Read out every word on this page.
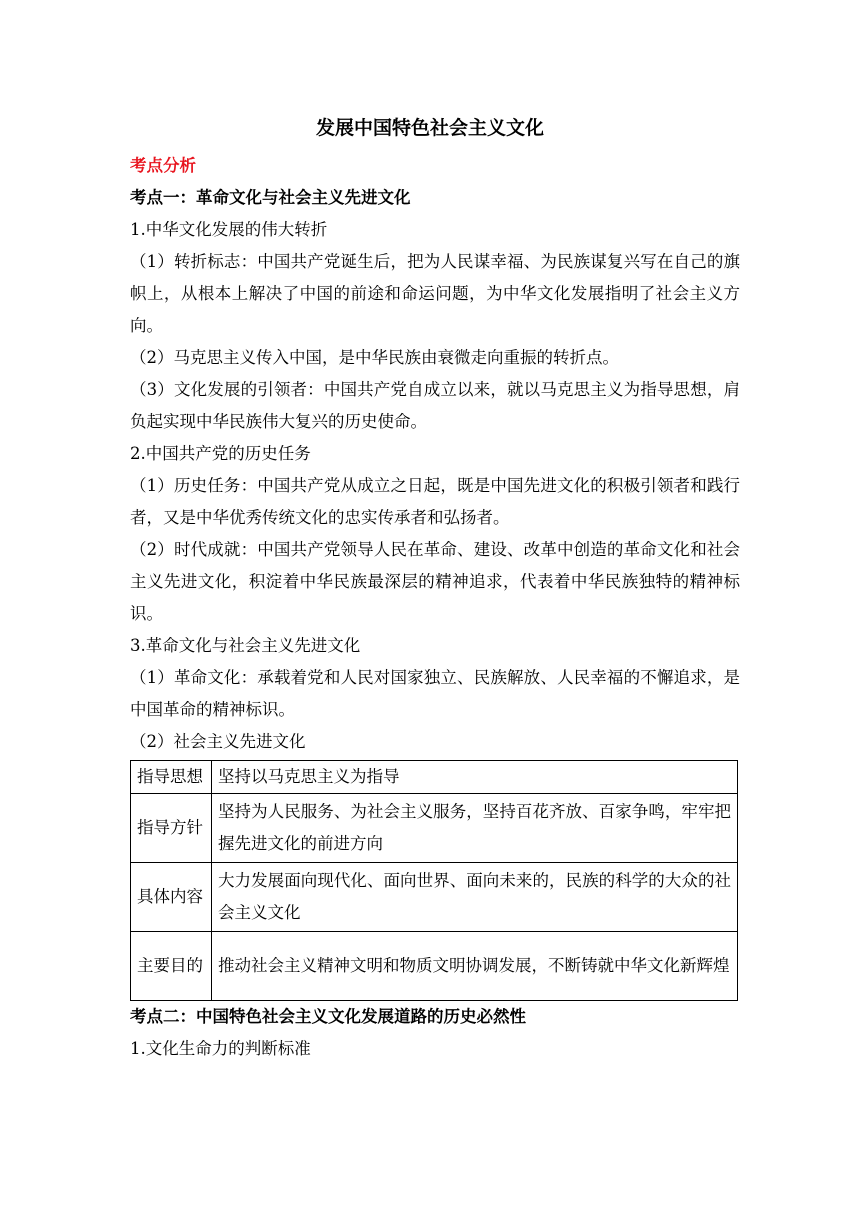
发展中国特色社会主义文化
考点分析
考点一：革命文化与社会主义先进文化
1.中华文化发展的伟大转折
（1）转折标志：中国共产党诞生后，把为人民谋幸福、为民族谋复兴写在自己的旗帜上，从根本上解决了中国的前途和命运问题，为中华文化发展指明了社会主义方向。
（2）马克思主义传入中国，是中华民族由衰微走向重振的转折点。
（3）文化发展的引领者：中国共产党自成立以来，就以马克思主义为指导思想，肩负起实现中华民族伟大复兴的历史使命。
2.中国共产党的历史任务
（1）历史任务：中国共产党从成立之日起，既是中国先进文化的积极引领者和践行者，又是中华优秀传统文化的忠实传承者和弘扬者。
（2）时代成就：中国共产党领导人民在革命、建设、改革中创造的革命文化和社会主义先进文化，积淀着中华民族最深层的精神追求，代表着中华民族独特的精神标识。
3.革命文化与社会主义先进文化
（1）革命文化：承载着党和人民对国家独立、民族解放、人民幸福的不懈追求，是中国革命的精神标识。
（2）社会主义先进文化
指导思想	坚持以马克思主义为指导
指导方针	坚持为人民服务、为社会主义服务，坚持百花齐放、百家争鸣，牢牢把握先进文化的前进方向
具体内容	大力发展面向现代化、面向世界、面向未来的，民族的科学的大众的社会主义文化
主要目的	推动社会主义精神文明和物质文明协调发展，不断铸就中华文化新辉煌
考点二：中国特色社会主义文化发展道路的历史必然性
1.文化生命力的判断标准
